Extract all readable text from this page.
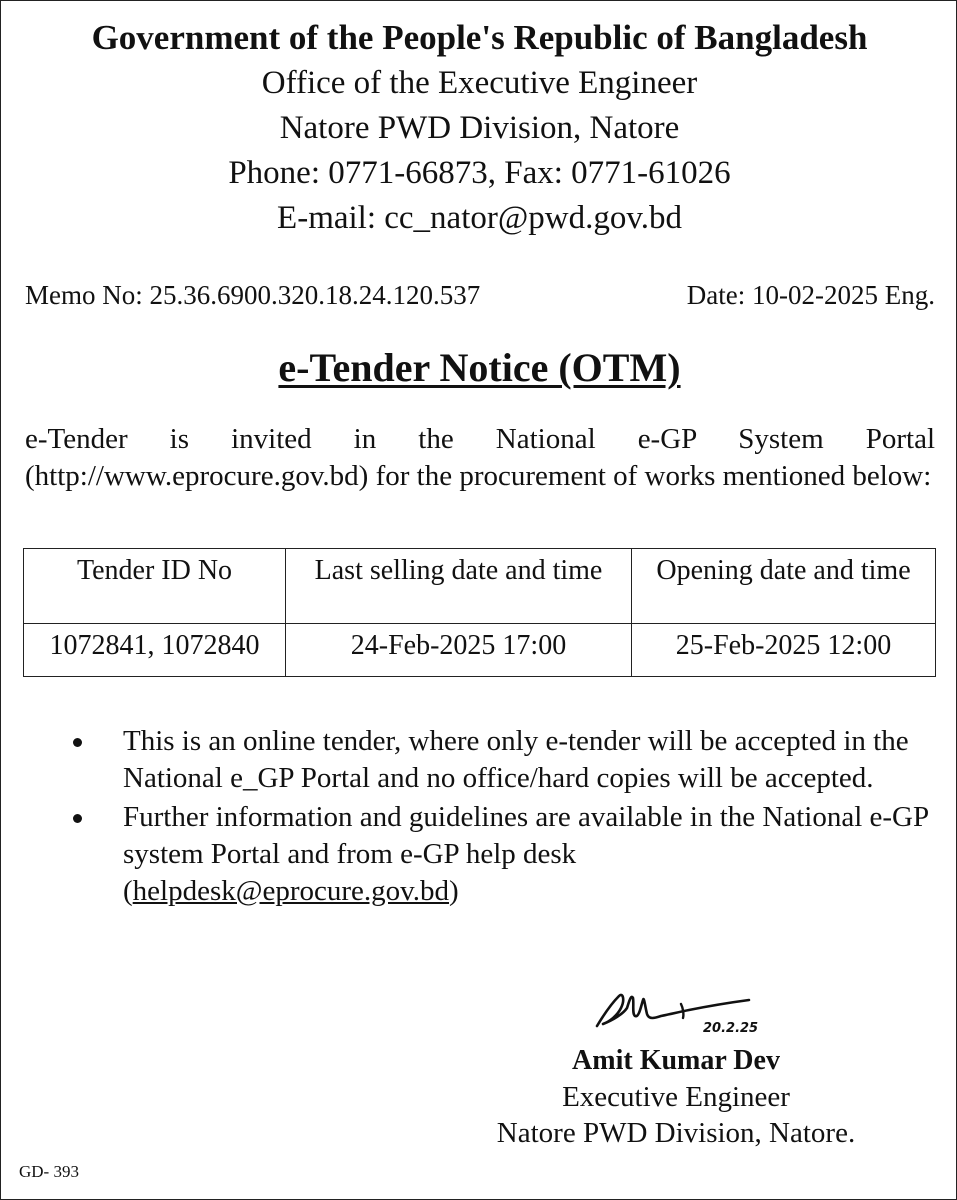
Government of the People's Republic of Bangladesh

Office of the Executive Engineer

Natore PWD Division, Natore

Phone: 0771-66873, Fax: 0771-61026

E-mail: cc_nator@pwd.gov.bd

Memo No: 25.36.6900.320.18.24.120.537	Date: 10-02-2025 Eng.
e-Tender Notice (OTM)

e-Tender is invited in the National e-GP System Portal (http://www.eprocure.gov.bd) for the procurement of works mentioned below:

Tender ID No	Last selling date and time	Opening date and time
1072841, 1072840	24-Feb-2025 17:00	25-Feb-2025 12:00
This is an online tender, where only e-tender will be accepted in the National e_GP Portal and no office/hard copies will be accepted.
Further information and guidelines are available in the National e-GP system Portal and from e-GP help desk
(helpdesk@eprocure.gov.bd)
20.2.25

Amit Kumar Dev

Executive Engineer

Natore PWD Division, Natore.

GD- 393
